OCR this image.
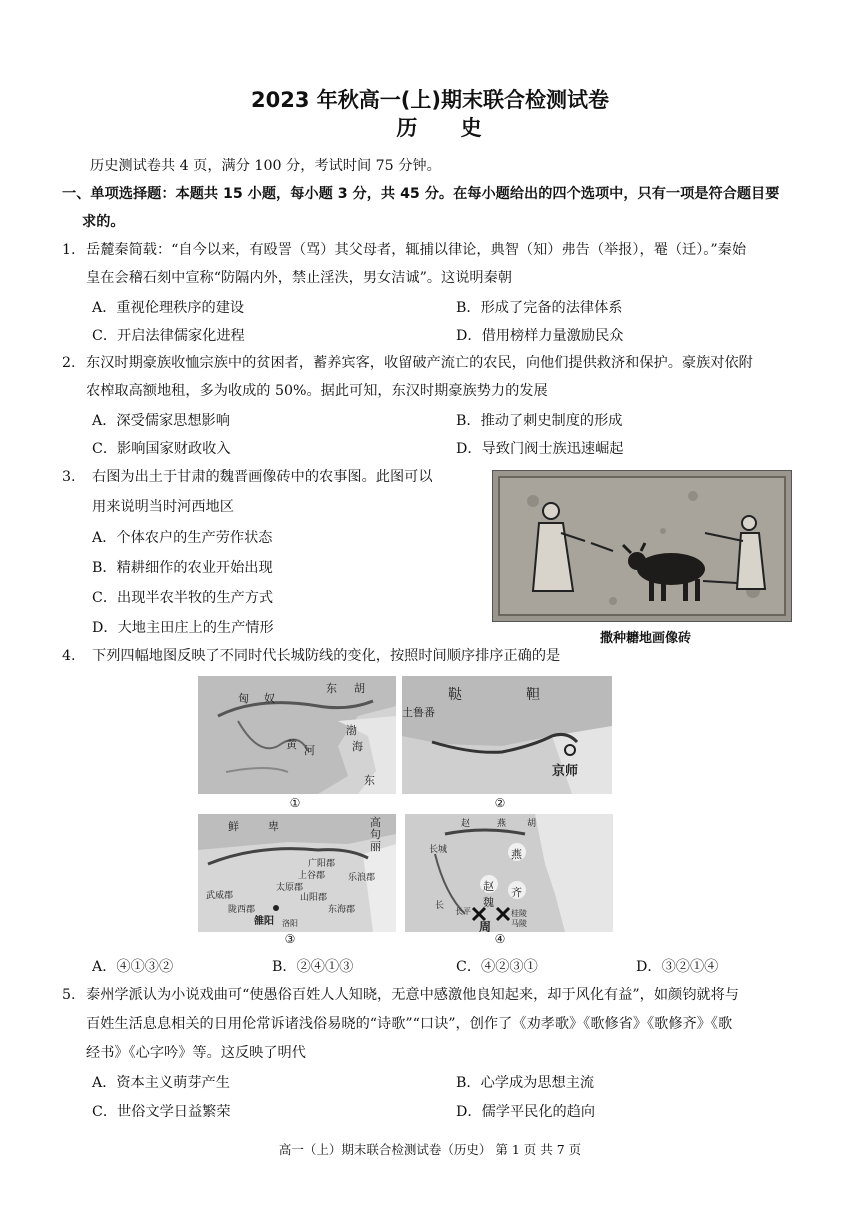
2023 年秋高一(上)期末联合检测试卷
历 史
历史测试卷共 4 页，满分 100 分，考试时间 75 分钟。
一、单项选择题：本题共 15 小题，每小题 3 分，共 45 分。在每小题给出的四个选项中，只有一项是符合题目要
求的。
1. 岳麓秦简载：“自今以来，有殴詈（骂）其父母者，辄捕以律论，典智（知）弗告（举报），罨（迁）。”秦始
皇在会稽石刻中宣称“防隔内外，禁止淫泆，男女洁诚”。这说明秦朝
A．重视伦理秩序的建设	B．形成了完备的法律体系
C．开启法律儒家化进程	D．借用榜样力量激励民众
2. 东汉时期豪族收恤宗族中的贫困者，蓄养宾客，收留破产流亡的农民，向他们提供救济和保护。豪族对依附
农榨取高额地租，多为收成的 50%。据此可知，东汉时期豪族势力的发展
A．深受儒家思想影响	B．推动了刺史制度的形成
C．影响国家财政收入	D．导致门阀士族迅速崛起
3.	右图为出土于甘肃的魏晋画像砖中的农事图。此图可以
用来说明当时河西地区
A．个体农户的生产劳作状态
B．精耕细作的农业开始出现
C．出现半农半牧的生产方式
D．大地主田庄上的生产情形
撒种耱地画像砖
4.	下列四幅地图反映了不同时代长城防线的变化，按照时间顺序排序正确的是
匈 奴
东 胡
渤
海
黄 河
东
①
鞑	靼
土鲁番
京师
②
鲜	卑	高
句
丽
广阳郡
上谷郡	乐浪郡
太原郡
武威郡	山阳郡
陇西郡	东海郡
雒阳 洛阳
③
赵
长城
燕 胡
长
燕
赵 齐
魏
长平
周
桂陵
马陵
④
A．④①③②	B．②④①③	C．④②③①	D．③②①④
5. 泰州学派认为小说戏曲可“使愚俗百姓人人知晓，无意中感激他良知起来，却于风化有益”，如颜钧就将与
百姓生活息息相关的日用伦常诉诸浅俗易晓的“诗歌”“口诀”，创作了《劝孝歌》《歌修省》《歌修齐》《歌
经书》《心字吟》等。这反映了明代
A．资本主义萌芽产生	B．心学成为思想主流
C．世俗文学日益繁荣	D．儒学平民化的趋向
高一（上）期末联合检测试卷（历史） 第 1 页 共 7 页
